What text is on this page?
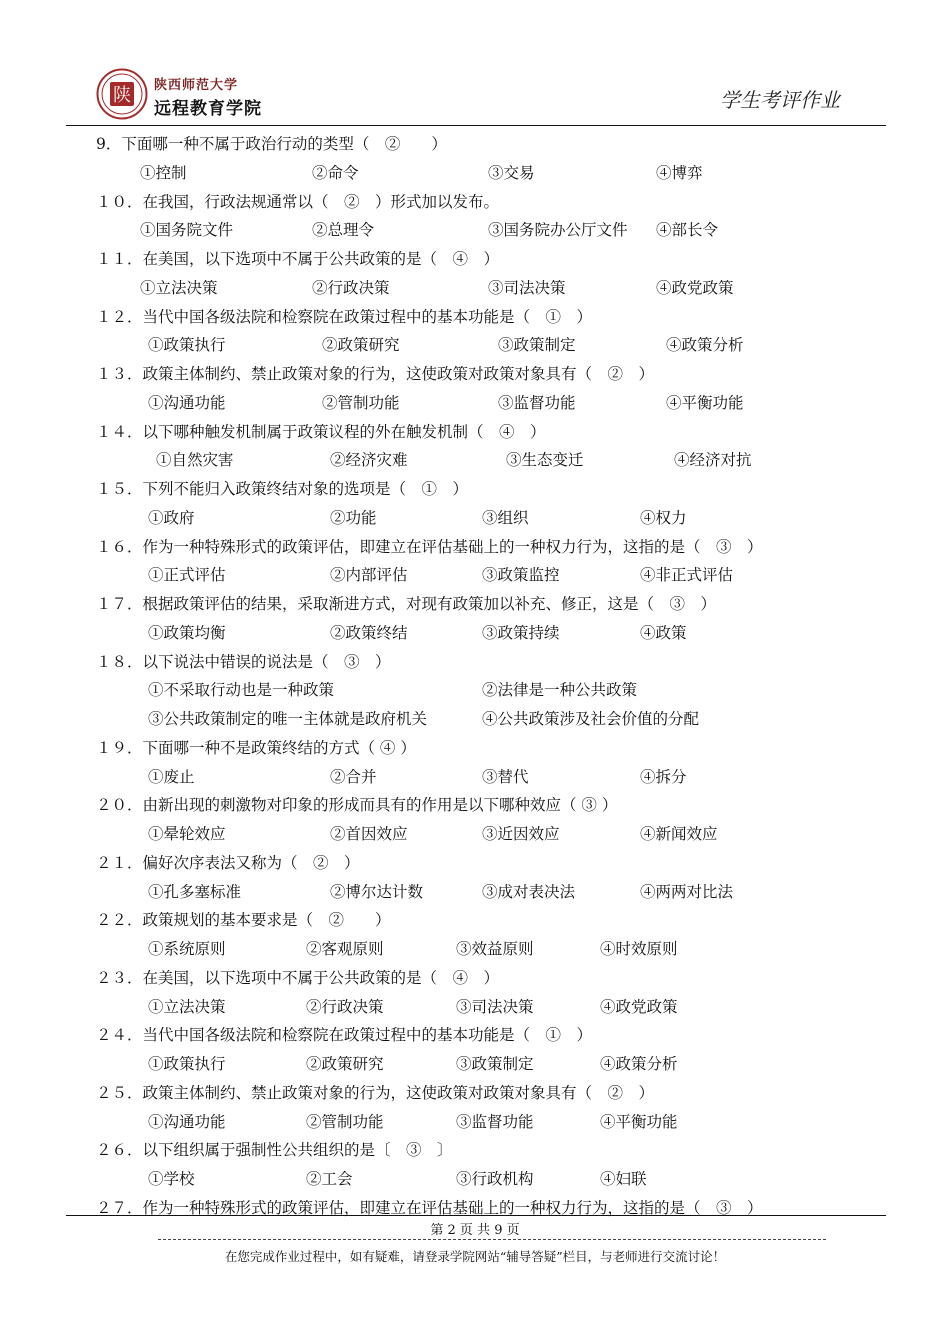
陕 陕西师范大学
远程教育学院	学生考评作业
9．下面哪一种不属于政治行动的类型（　②　　）
①控制	②命令	③交易	④博弈
１０．在我国，行政法规通常以（　②　）形式加以发布。
①国务院文件	②总理令	③国务院办公厅文件 ④部长令
１１．在美国，以下选项中不属于公共政策的是（　④　）
①立法决策	②行政决策	③司法决策	④政党政策
１２．当代中国各级法院和检察院在政策过程中的基本功能是（　①　）
①政策执行	②政策研究	③政策制定	④政策分析
１３．政策主体制约、禁止政策对象的行为，这使政策对政策对象具有（　②　）
①沟通功能	②管制功能	③监督功能	④平衡功能
１４．以下哪种触发机制属于政策议程的外在触发机制（　④　）
①自然灾害	②经济灾难	③生态变迁	④经济对抗
１５．下列不能归入政策终结对象的选项是（　①　）
①政府	②功能	③组织	④权力
１６．作为一种特殊形式的政策评估，即建立在评估基础上的一种权力行为，这指的是（　③　）
①正式评估	②内部评估	③政策监控	④非正式评估
１７．根据政策评估的结果，采取渐进方式，对现有政策加以补充、修正，这是（　③　）
①政策均衡	②政策终结	③政策持续	④政策
１８．以下说法中错误的说法是（　③　）
①不采取行动也是一种政策	②法律是一种公共政策
③公共政策制定的唯一主体就是政府机关	④公共政策涉及社会价值的分配
１９．下面哪一种不是政策终结的方式（ ④ ）
①废止	②合并	③替代	④拆分
２０．由新出现的刺激物对印象的形成而具有的作用是以下哪种效应（ ③ ）
①晕轮效应	②首因效应	③近因效应	④新闻效应
２１．偏好次序表法又称为（　②　）
①孔多塞标准	②博尔达计数	③成对表决法	④两两对比法
２２．政策规划的基本要求是（　②　　）
①系统原则	②客观原则	③效益原则	④时效原则
２３．在美国，以下选项中不属于公共政策的是（　④　）
①立法决策	②行政决策	③司法决策	④政党政策
２４．当代中国各级法院和检察院在政策过程中的基本功能是（　①　）
①政策执行	②政策研究	③政策制定	④政策分析
２５．政策主体制约、禁止政策对象的行为，这使政策对政策对象具有（　②　）
①沟通功能	②管制功能	③监督功能	④平衡功能
２６．以下组织属于强制性公共组织的是〔　③　〕
①学校	②工会	③行政机构	④妇联
２７．作为一种特殊形式的政策评估，即建立在评估基础上的一种权力行为，这指的是（　③　）
第 2 页 共 9 页
在您完成作业过程中，如有疑难，请登录学院网站“辅导答疑”栏目，与老师进行交流讨论！
